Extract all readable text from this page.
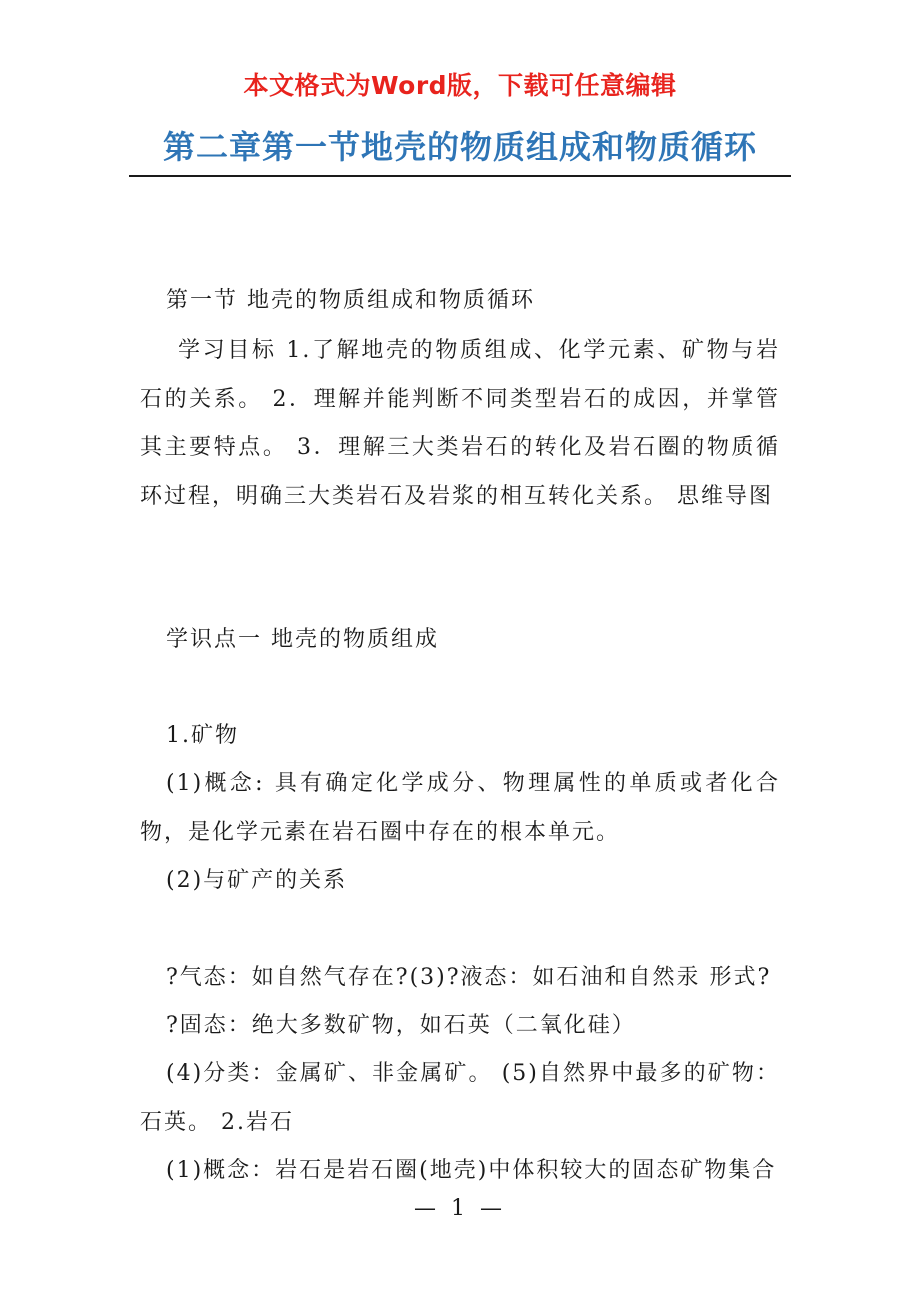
本文格式为Word版，下载可任意编辑
第二章第一节地壳的物质组成和物质循环
第一节 地壳的物质组成和物质循环
学习目标 1.了解地壳的物质组成、化学元素、矿物与岩石的关系。 2．理解并能判断不同类型岩石的成因，并掌管其主要特点。 3．理解三大类岩石的转化及岩石圈的物质循环过程，明确三大类岩石及岩浆的相互转化关系。 思维导图
学识点一 地壳的物质组成
1.矿物
(1)概念: 具有确定化学成分、物理属性的单质或者化合物，是化学元素在岩石圈中存在的根本单元。
(2)与矿产的关系
?气态：如自然气存在?(3)?液态：如石油和自然汞 形式?
?固态：绝大多数矿物，如石英（二氧化硅）
(4)分类：金属矿、非金属矿。 (5)自然界中最多的矿物：石英。 2.岩石
(1)概念：岩石是岩石圈(地壳)中体积较大的固态矿物集合
— 1 —
